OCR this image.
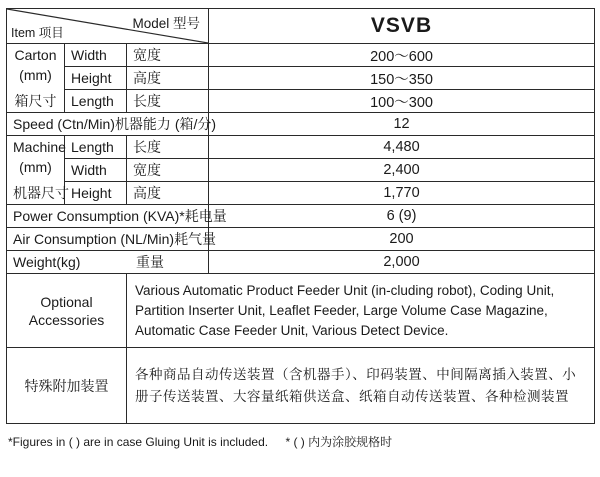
Model 型号
Item 项目			VSVB

Carton
(mm)
箱尺寸	Width	宽度	200～600
	Height	高度	150～350
	Length	长度	100～300

Speed (Ctn/Min) 机器能力 (箱/分)			12

Machine
(mm)
机器尺寸	Length	长度	4,480
	Width	宽度	2,400
	Height	高度	1,770

Power Consumption (KVA)* 耗电量			6 (9)

Air Consumption (NL/Min) 耗气量			200

Weight(kg) 重量			2,000
Optional Accessories		Various Automatic Product Feeder Unit (in-cluding robot), Coding Unit, Partition Inserter Unit, Leaflet Feeder, Large Volume Case Magazine, Automatic Case Feeder Unit, Various Detect Device.	
特殊附加装置		各种商品自动传送装置（含机器手）、印码装置、中间隔离插入装置、小册子传送装置、大容量纸箱供送盒、纸箱自动传送装置、各种检测装置	
*Figures in ( ) are in case Gluing Unit is included. * ( ) 内为涂胶规格时
